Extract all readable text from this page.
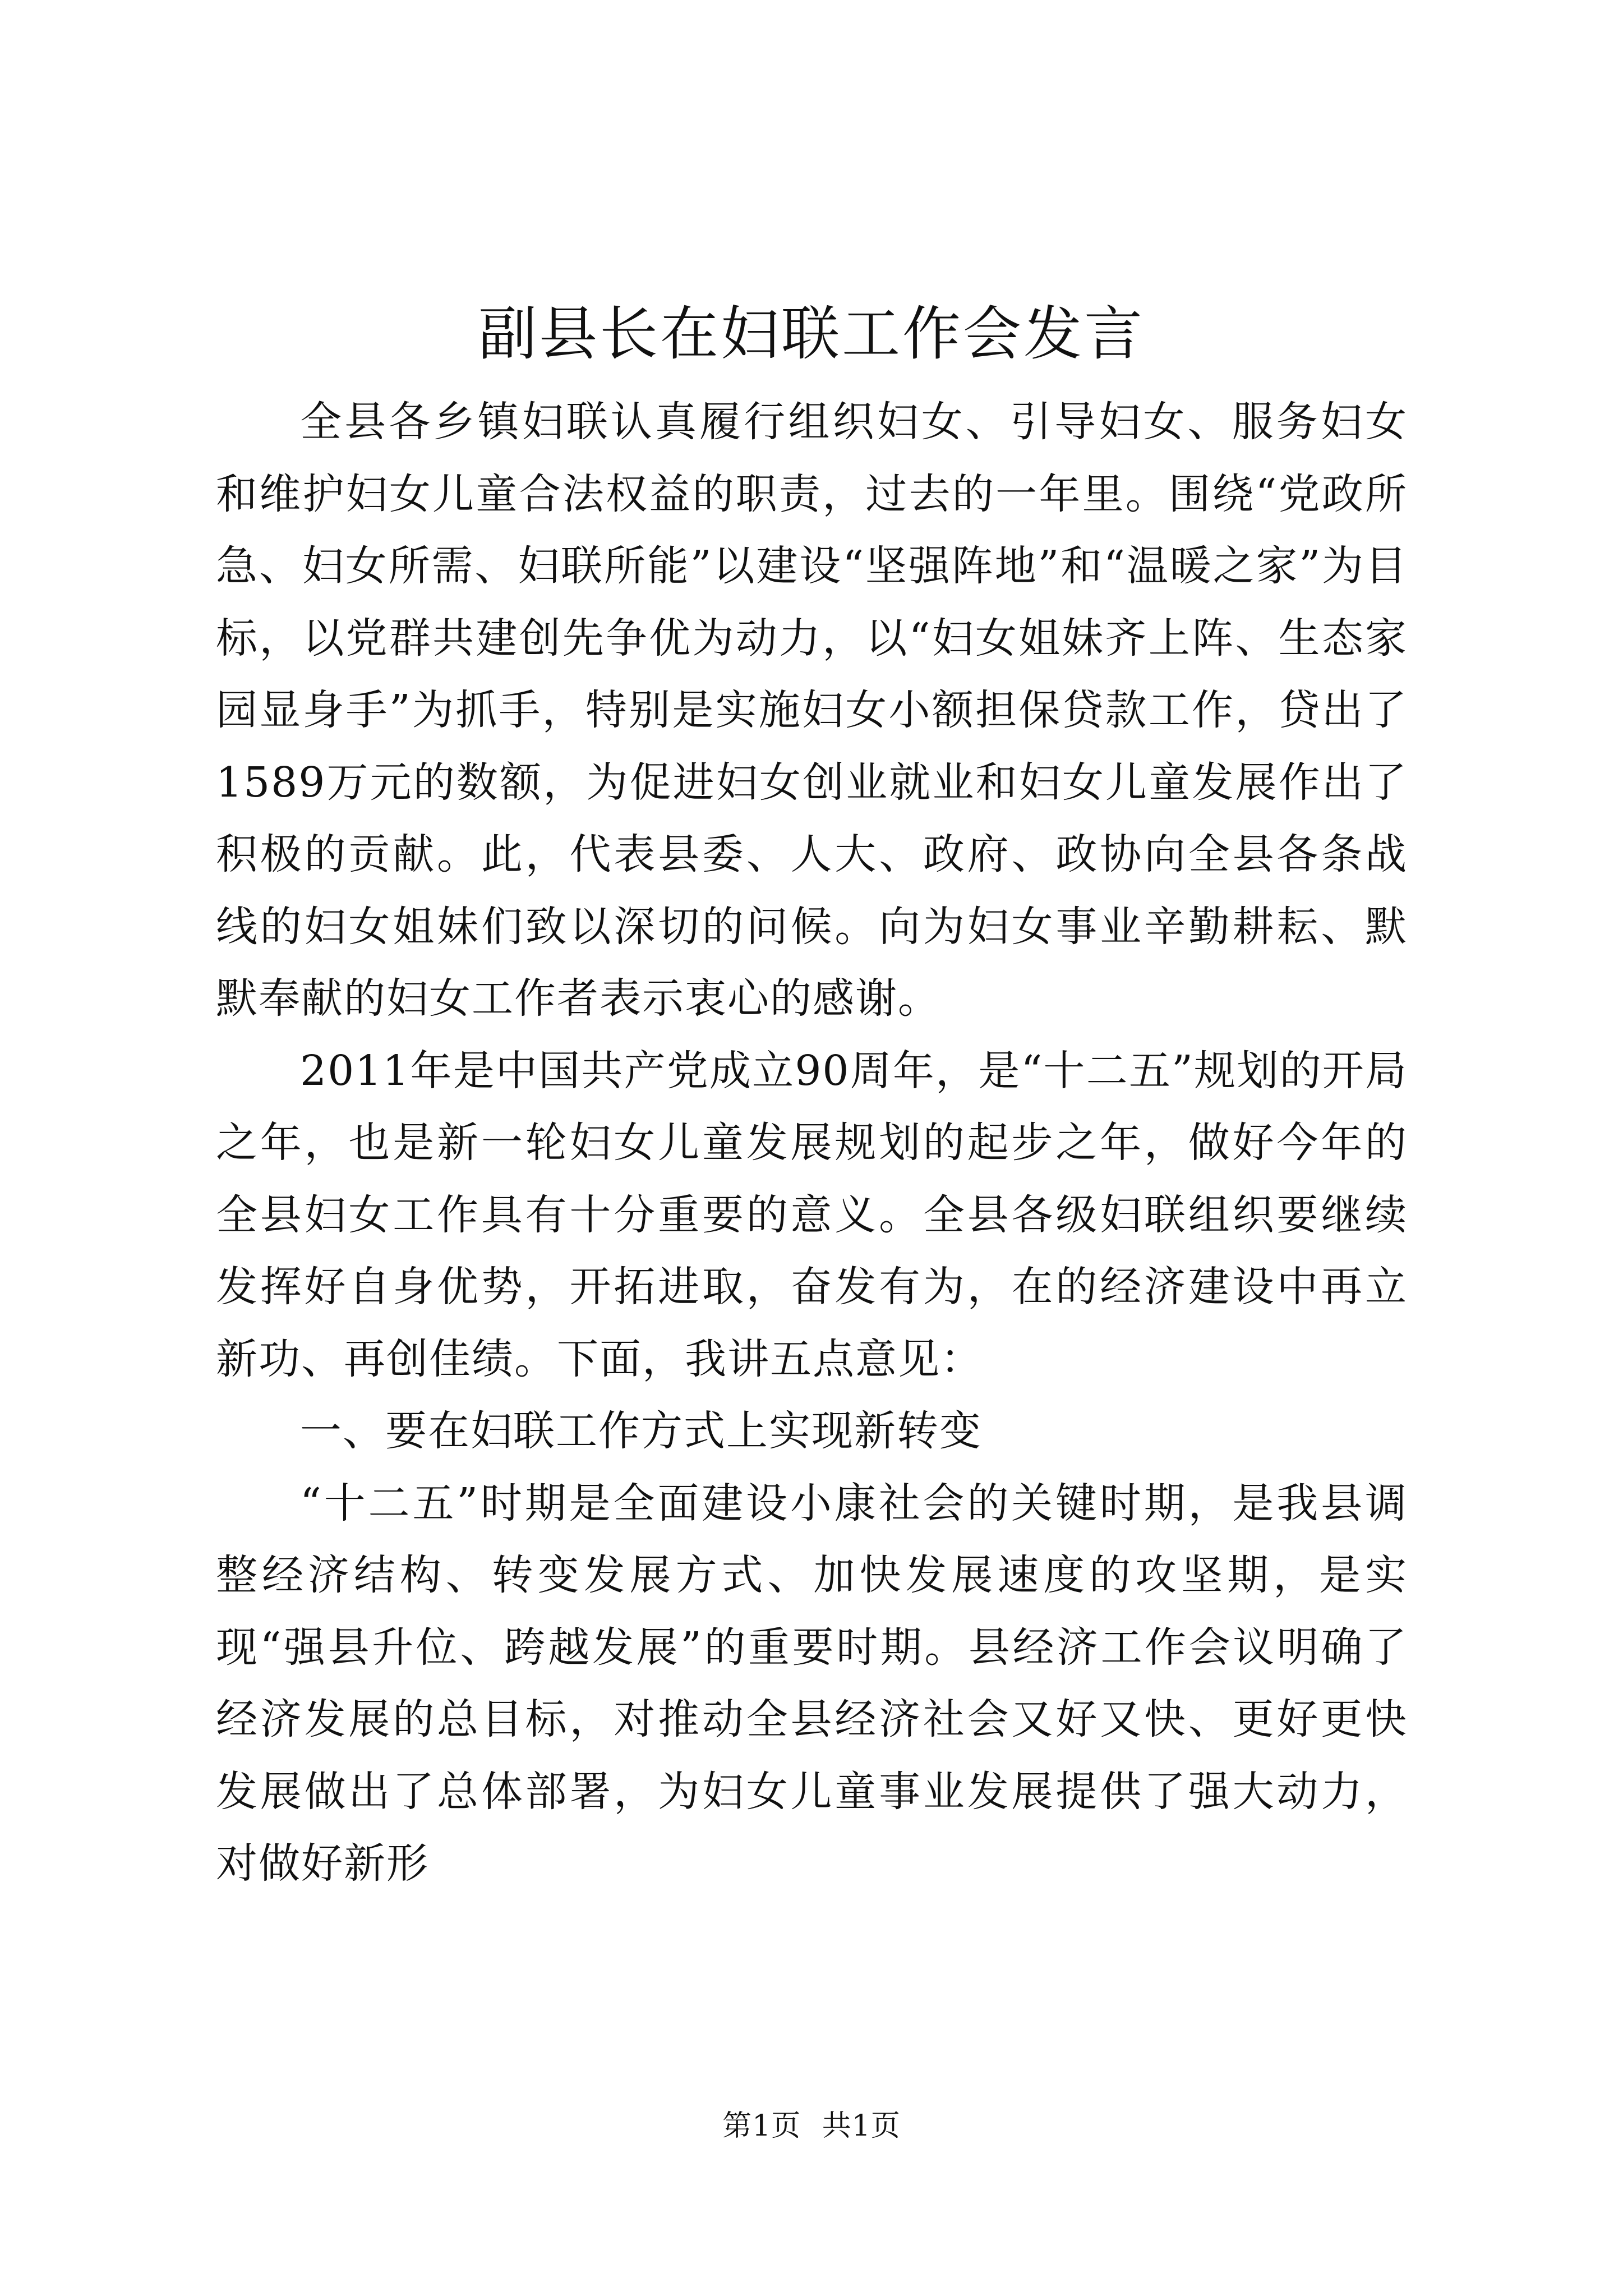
副县长在妇联工作会发言

全县各乡镇妇联认真履行组织妇女、引导妇女、服务妇女和维护妇女儿童合法权益的职责，过去的一年里。围绕“党政所急、妇女所需、妇联所能”以建设“坚强阵地”和“温暖之家”为目标，以党群共建创先争优为动力，以“妇女姐妹齐上阵、生态家园显身手”为抓手，特别是实施妇女小额担保贷款工作，贷出了1589万元的数额，为促进妇女创业就业和妇女儿童发展作出了积极的贡献。此，代表县委、人大、政府、政协向全县各条战线的妇女姐妹们致以深切的问候。向为妇女事业辛勤耕耘、默默奉献的妇女工作者表示衷心的感谢。

2011年是中国共产党成立90周年，是“十二五”规划的开局之年，也是新一轮妇女儿童发展规划的起步之年，做好今年的全县妇女工作具有十分重要的意义。全县各级妇联组织要继续发挥好自身优势，开拓进取，奋发有为，在的经济建设中再立新功、再创佳绩。下面，我讲五点意见：

一、要在妇联工作方式上实现新转变

“十二五”时期是全面建设小康社会的关键时期，是我县调整经济结构、转变发展方式、加快发展速度的攻坚期，是实现“强县升位、跨越发展”的重要时期。县经济工作会议明确了经济发展的总目标，对推动全县经济社会又好又快、更好更快发展做出了总体部署，为妇女儿童事业发展提供了强大动力，对做好新形

第1页 共1页
